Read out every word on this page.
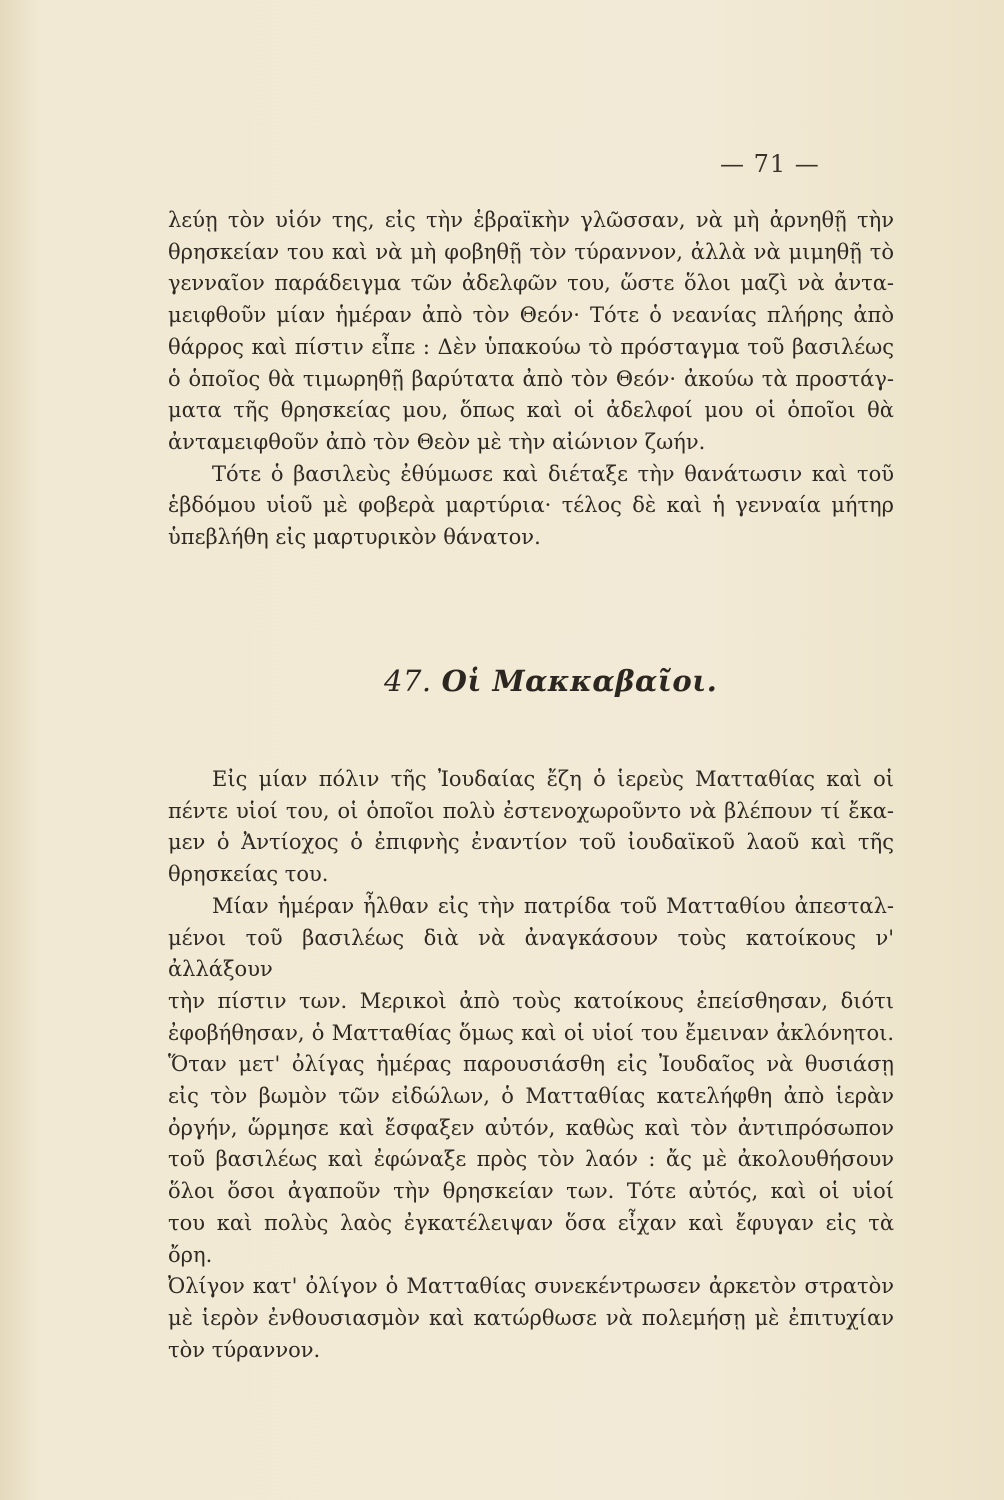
— 71 —
λεύῃ τὸν υἱόν της, εἰς τὴν ἑβραϊκὴν γλῶσσαν, νὰ μὴ ἀρνηθῇ τὴν
θρησκείαν του καὶ νὰ μὴ φοβηθῇ τὸν τύραννον, ἀλλὰ νὰ μιμηθῇ τὸ
γενναῖον παράδειγμα τῶν ἀδελφῶν του, ὥστε ὅλοι μαζὶ νὰ ἀντα-
μειφθοῦν μίαν ἡμέραν ἀπὸ τὸν Θεόν· Τότε ὁ νεανίας πλήρης ἀπὸ
θάρρος καὶ πίστιν εἶπε : Δὲν ὑπακούω τὸ πρόσταγμα τοῦ βασιλέως
ὁ ὁποῖος θὰ τιμωρηθῇ βαρύτατα ἀπὸ τὸν Θεόν· ἀκούω τὰ προστάγ-
ματα τῆς θρησκείας μου, ὅπως καὶ οἱ ἀδελφοί μου οἱ ὁποῖοι θὰ
ἀνταμειφθοῦν ἀπὸ τὸν Θεὸν μὲ τὴν αἰώνιον ζωήν.
Τότε ὁ βασιλεὺς ἐθύμωσε καὶ διέταξε τὴν θανάτωσιν καὶ τοῦ
ἑβδόμου υἱοῦ μὲ φοβερὰ μαρτύρια· τέλος δὲ καὶ ἡ γενναία μήτηρ
ὑπεβλήθη εἰς μαρτυρικὸν θάνατον.
47. Οἱ Μακκαβαῖοι.
Εἰς μίαν πόλιν τῆς Ἰουδαίας ἔζη ὁ ἱερεὺς Ματταθίας καὶ οἱ
πέντε υἱοί του, οἱ ὁποῖοι πολὺ ἐστενοχωροῦντο νὰ βλέπουν τί ἔκα-
μεν ὁ Ἀντίοχος ὁ ἐπιφνὴς ἐναντίον τοῦ ἰουδαϊκοῦ λαοῦ καὶ τῆς
θρησκείας του.
Μίαν ἡμέραν ἦλθαν εἰς τὴν πατρίδα τοῦ Ματταθίου ἀπεσταλ-
μένοι τοῦ βασιλέως διὰ νὰ ἀναγκάσουν τοὺς κατοίκους ν' ἀλλάξουν
τὴν πίστιν των. Μερικοὶ ἀπὸ τοὺς κατοίκους ἐπείσθησαν, διότι
ἐφοβήθησαν, ὁ Ματταθίας ὅμως καὶ οἱ υἱοί του ἔμειναν ἀκλόνητοι.
Ὅταν μετ' ὀλίγας ἡμέρας παρουσιάσθη εἰς Ἰουδαῖος νὰ θυσιάσῃ
εἰς τὸν βωμὸν τῶν εἰδώλων, ὁ Ματταθίας κατελήφθη ἀπὸ ἱερὰν
ὀργήν, ὥρμησε καὶ ἔσφαξεν αὐτόν, καθὼς καὶ τὸν ἀντιπρόσωπον
τοῦ βασιλέως καὶ ἐφώναξε πρὸς τὸν λαόν : ἄς μὲ ἀκολουθήσουν
ὅλοι ὅσοι ἀγαποῦν τὴν θρησκείαν των. Τότε αὐτός, καὶ οἱ υἱοί
του καὶ πολὺς λαὸς ἐγκατέλειψαν ὅσα εἶχαν καὶ ἔφυγαν εἰς τὰ ὄρη.
Ὀλίγον κατ' ὀλίγον ὁ Ματταθίας συνεκέντρωσεν ἀρκετὸν στρατὸν
μὲ ἱερὸν ἐνθουσιασμὸν καὶ κατώρθωσε νὰ πολεμήσῃ μὲ ἐπιτυχίαν
τὸν τύραννον.
